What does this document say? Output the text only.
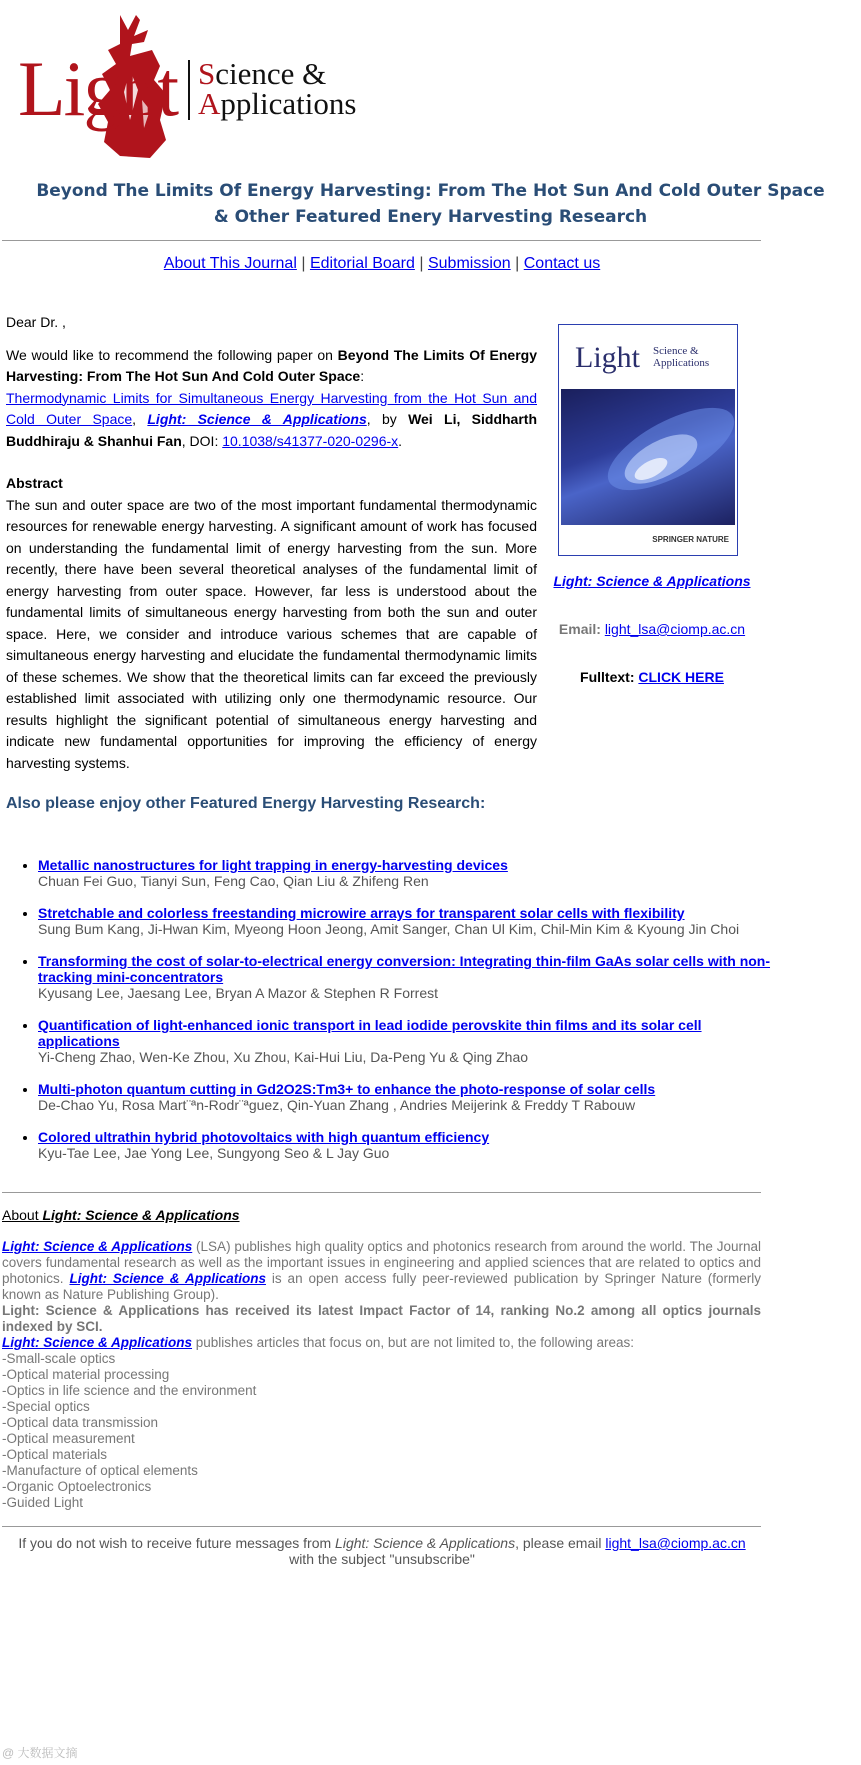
Light Science &
Applications
Beyond The Limits Of Energy Harvesting: From The Hot Sun And Cold Outer Space
& Other Featured Enery Harvesting Research
About This Journal | Editorial Board | Submission | Contact us

Dear Dr. ,

We would like to recommend the following paper on Beyond The Limits Of Energy Harvesting: From The Hot Sun And Cold Outer Space:
Thermodynamic Limits for Simultaneous Energy Harvesting from the Hot Sun and Cold Outer Space, Light: Science & Applications, by Wei Li, Siddharth Buddhiraju & Shanhui Fan, DOI: 10.1038/s41377-020-0296-x.

Abstract

The sun and outer space are two of the most important fundamental thermodynamic resources for renewable energy harvesting. A significant amount of work has focused on understanding the fundamental limit of energy harvesting from the sun. More recently, there have been several theoretical analyses of the fundamental limit of energy harvesting from outer space. However, far less is understood about the fundamental limits of simultaneous energy harvesting from both the sun and outer space. Here, we consider and introduce various schemes that are capable of simultaneous energy harvesting and elucidate the fundamental thermodynamic limits of these schemes. We show that the theoretical limits can far exceed the previously established limit associated with utilizing only one thermodynamic resource. Our results highlight the significant potential of simultaneous energy harvesting and indicate new fundamental opportunities for improving the efficiency of energy harvesting systems.

Light Science &
Applications
SPRINGER NATURE
Light: Science & Applications
Email: light_lsa@ciomp.ac.cn
Fulltext: CLICK HERE
Also please enjoy other Featured Energy Harvesting Research:
• Metallic nanostructures for light trapping in energy-harvesting devices
Chuan Fei Guo, Tianyi Sun, Feng Cao, Qian Liu & Zhifeng Ren
• Stretchable and colorless freestanding microwire arrays for transparent solar cells with flexibility
Sung Bum Kang, Ji-Hwan Kim, Myeong Hoon Jeong, Amit Sanger, Chan Ul Kim, Chil-Min Kim & Kyoung Jin Choi
• Transforming the cost of solar-to-electrical energy conversion: Integrating thin-film GaAs solar cells with non-tracking mini-concentrators
Kyusang Lee, Jaesang Lee, Bryan A Mazor & Stephen R Forrest
• Quantification of light-enhanced ionic transport in lead iodide perovskite thin films and its solar cell applications
Yi-Cheng Zhao, Wen-Ke Zhou, Xu Zhou, Kai-Hui Liu, Da-Peng Yu & Qing Zhao
• Multi-photon quantum cutting in Gd2O2S:Tm3+ to enhance the photo-response of solar cells
De-Chao Yu, Rosa Mart¨ªn-Rodr¨ªguez, Qin-Yuan Zhang , Andries Meijerink & Freddy T Rabouw
• Colored ultrathin hybrid photovoltaics with high quantum efficiency
Kyu-Tae Lee, Jae Yong Lee, Sungyong Seo & L Jay Guo
About Light: Science & Applications
Light: Science & Applications (LSA) publishes high quality optics and photonics research from around the world. The Journal covers fundamental research as well as the important issues in engineering and applied sciences that are related to optics and photonics. Light: Science & Applications is an open access fully peer-reviewed publication by Springer Nature (formerly known as Nature Publishing Group).
Light: Science & Applications has received its latest Impact Factor of 14, ranking No.2 among all optics journals indexed by SCI.
Light: Science & Applications publishes articles that focus on, but are not limited to, the following areas:
-Small-scale optics
-Optical material processing
-Optics in life science and the environment
-Special optics
-Optical data transmission
-Optical measurement
-Optical materials
-Manufacture of optical elements
-Organic Optoelectronics
-Guided Light
If you do not wish to receive future messages from Light: Science & Applications, please email light_lsa@ciomp.ac.cn
with the subject "unsubscribe"
@ 大数据文摘
